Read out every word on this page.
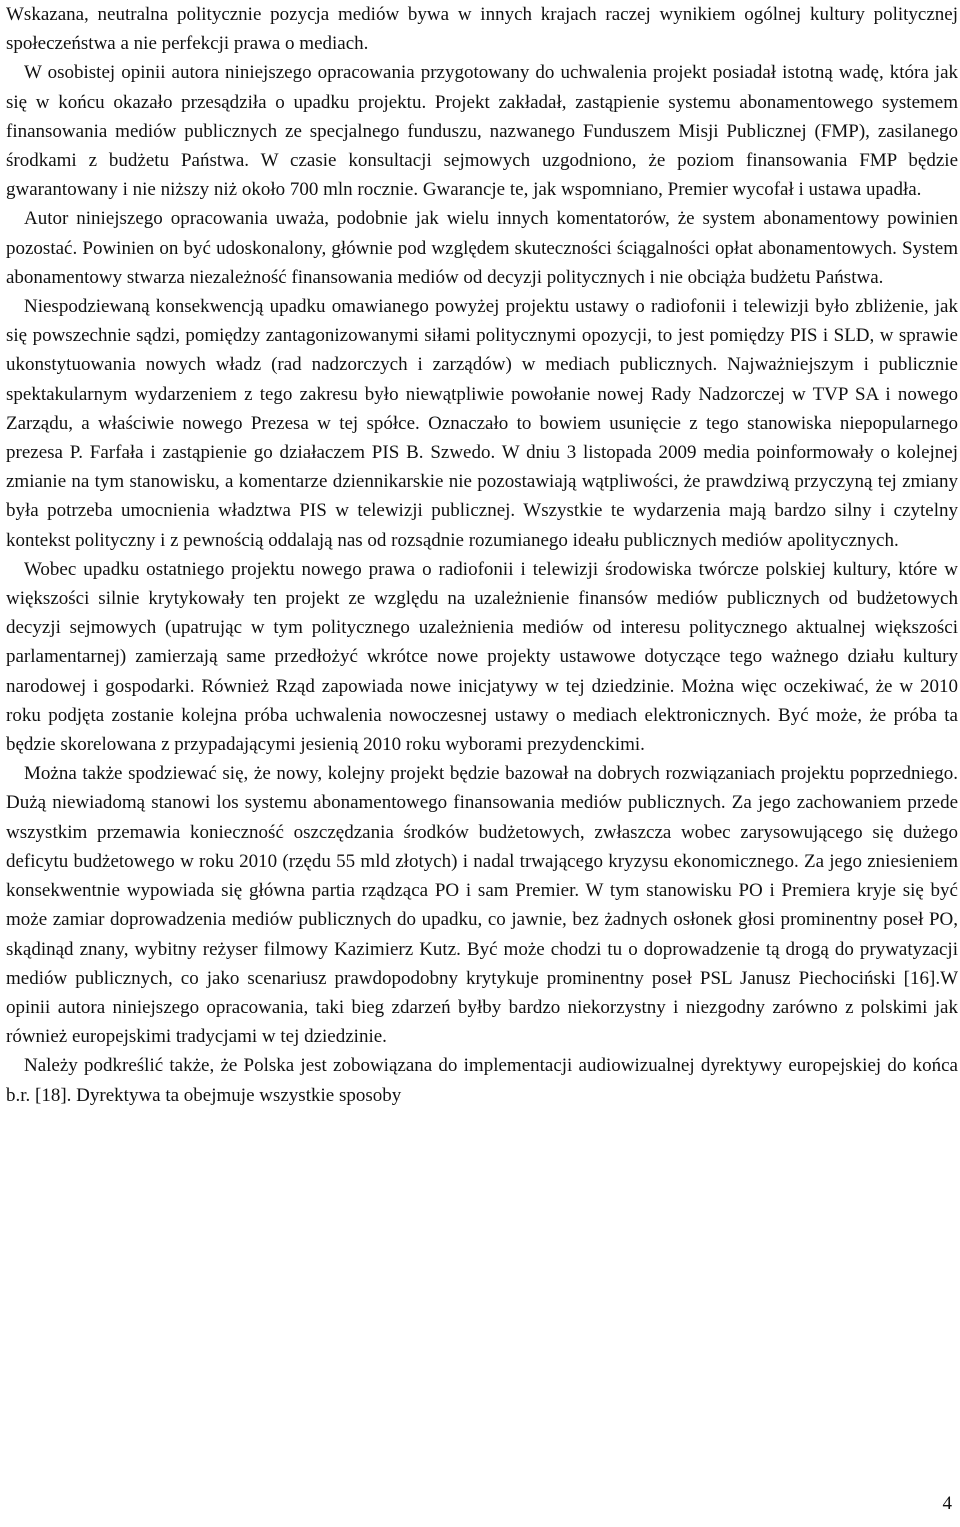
Wskazana, neutralna politycznie pozycja mediów bywa w innych krajach raczej wynikiem ogólnej kultury politycznej społeczeństwa a nie perfekcji prawa o mediach.

W osobistej opinii autora niniejszego opracowania przygotowany do uchwalenia projekt posiadał istotną wadę, która jak się w końcu okazało przesądziła o upadku projektu. Projekt zakładał, zastąpienie systemu abonamentowego systemem finansowania mediów publicznych ze specjalnego funduszu, nazwanego Funduszem Misji Publicznej (FMP), zasilanego środkami z budżetu Państwa. W czasie konsultacji sejmowych uzgodniono, że poziom finansowania FMP będzie gwarantowany i nie niższy niż około 700 mln rocznie. Gwarancje te, jak wspomniano, Premier wycofał i ustawa upadła.

Autor niniejszego opracowania uważa, podobnie jak wielu innych komentatorów, że system abonamentowy powinien pozostać. Powinien on być udoskonalony, głównie pod względem skuteczności ściągalności opłat abonamentowych. System abonamentowy stwarza niezależność finansowania mediów od decyzji politycznych i nie obciąża budżetu Państwa.

Niespodziewaną konsekwencją upadku omawianego powyżej projektu ustawy o radiofonii i telewizji było zbliżenie, jak się powszechnie sądzi, pomiędzy zantagonizowanymi siłami politycznymi opozycji, to jest pomiędzy PIS i SLD, w sprawie ukonstytuowania nowych władz (rad nadzorczych i zarządów) w mediach publicznych. Najważniejszym i publicznie spektakularnym wydarzeniem z tego zakresu było niewątpliwie powołanie nowej Rady Nadzorczej w TVP SA i nowego Zarządu, a właściwie nowego Prezesa w tej spółce. Oznaczało to bowiem usunięcie z tego stanowiska niepopularnego prezesa P. Farfała i zastąpienie go działaczem PIS B. Szwedo. W dniu 3 listopada 2009 media poinformowały o kolejnej zmianie na tym stanowisku, a komentarze dziennikarskie nie pozostawiają wątpliwości, że prawdziwą przyczyną tej zmiany była potrzeba umocnienia władztwa PIS w telewizji publicznej. Wszystkie te wydarzenia mają bardzo silny i czytelny kontekst polityczny i z pewnością oddalają nas od rozsądnie rozumianego ideału publicznych mediów apolitycznych.

Wobec upadku ostatniego projektu nowego prawa o radiofonii i telewizji środowiska twórcze polskiej kultury, które w większości silnie krytykowały ten projekt ze względu na uzależnienie finansów mediów publicznych od budżetowych decyzji sejmowych (upatrując w tym politycznego uzależnienia mediów od interesu politycznego aktualnej większości parlamentarnej) zamierzają same przedłożyć wkrótce nowe projekty ustawowe dotyczące tego ważnego działu kultury narodowej i gospodarki. Również Rząd zapowiada nowe inicjatywy w tej dziedzinie. Można więc oczekiwać, że w 2010 roku podjęta zostanie kolejna próba uchwalenia nowoczesnej ustawy o mediach elektronicznych. Być może, że próba ta będzie skorelowana z przypadającymi jesienią 2010 roku wyborami prezydenckimi.

Można także spodziewać się, że nowy, kolejny projekt będzie bazował na dobrych rozwiązaniach projektu poprzedniego. Dużą niewiadomą stanowi los systemu abonamentowego finansowania mediów publicznych. Za jego zachowaniem przede wszystkim przemawia konieczność oszczędzania środków budżetowych, zwłaszcza wobec zarysowującego się dużego deficytu budżetowego w roku 2010 (rzędu 55 mld złotych) i nadal trwającego kryzysu ekonomicznego. Za jego zniesieniem konsekwentnie wypowiada się główna partia rządząca PO i sam Premier. W tym stanowisku PO i Premiera kryje się być może zamiar doprowadzenia mediów publicznych do upadku, co jawnie, bez żadnych osłonek głosi prominentny poseł PO, skądinąd znany, wybitny reżyser filmowy Kazimierz Kutz. Być może chodzi tu o doprowadzenie tą drogą do prywatyzacji mediów publicznych, co jako scenariusz prawdopodobny krytykuje prominentny poseł PSL Janusz Piechociński [16].W opinii autora niniejszego opracowania, taki bieg zdarzeń byłby bardzo niekorzystny i niezgodny zarówno z polskimi jak również europejskimi tradycjami w tej dziedzinie.

Należy podkreślić także, że Polska jest zobowiązana do implementacji audiowizualnej dyrektywy europejskiej do końca b.r. [18]. Dyrektywa ta obejmuje wszystkie sposoby

4
